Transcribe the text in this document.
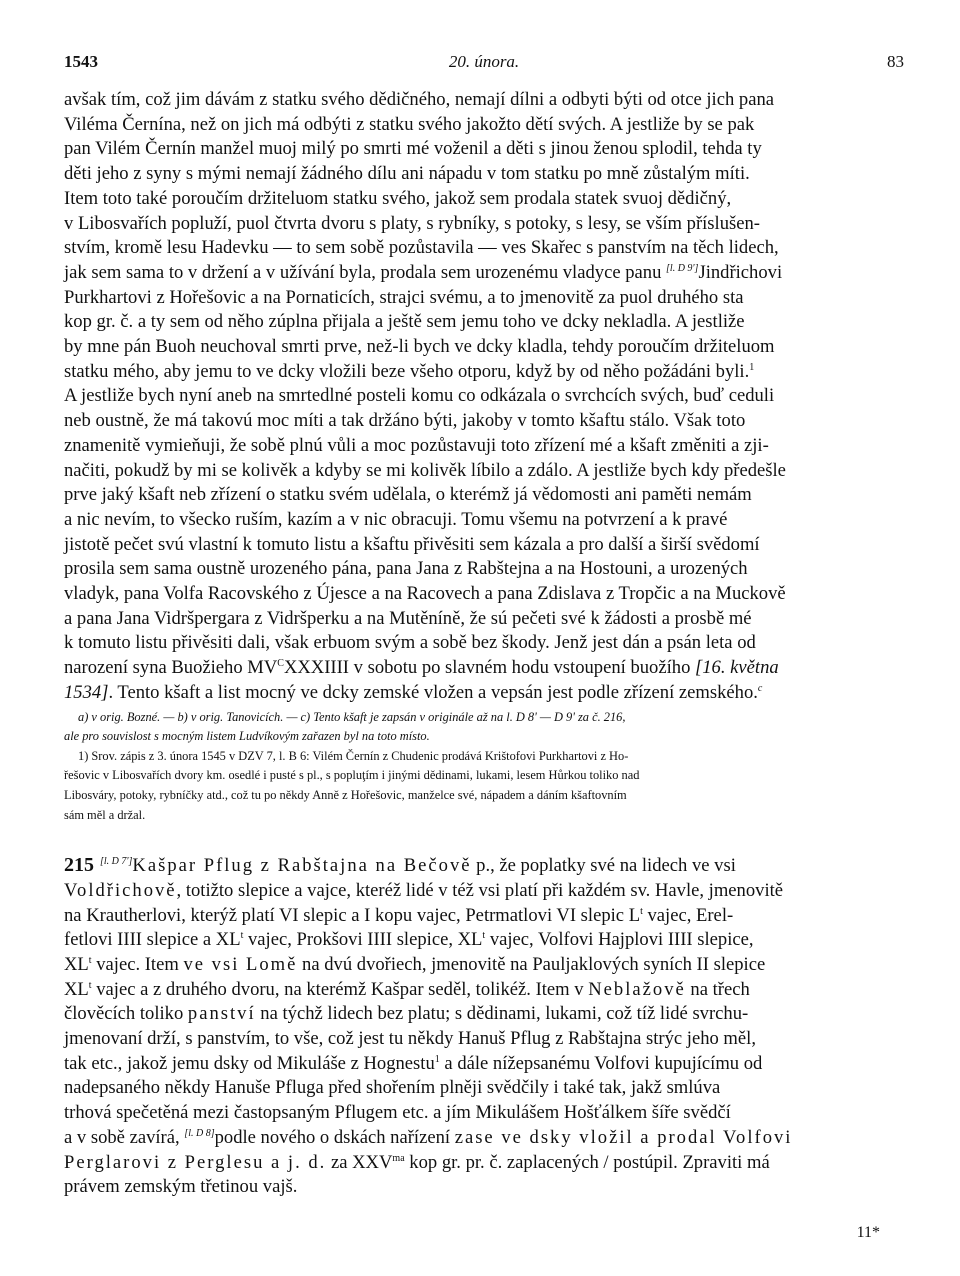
1543	20. února.	83
avšak tím, což jim dávám z statku svého dědičného, nemají dílni a odbyti býti od otce jich pana
Viléma Černína, než on jich má odbýti z statku svého jakožto dětí svých. A jestliže by se pak
pan Vilém Černín manžel muoj milý po smrti mé voženil a děti s jinou ženou splodil, tehda ty
děti jeho z syny s mými nemají žádného dílu ani nápadu v tom statku po mně zůstalým míti.
Item toto také poroučím držiteluom statku svého, jakož sem prodala statek svuoj dědičný,
v Libosvařích popluží, puol čtvrta dvoru s platy, s rybníky, s potoky, s lesy, se vším příslušen-
stvím, kromě lesu Hadevku — to sem sobě pozůstavila — ves Skařec s panstvím na těch lidech,
jak sem sama to v držení a v užívání byla, prodala sem urozenému vladyce panu [l. D 9']Jindřichovi
Purkhartovi z Hořešovic a na Pornaticích, strajci svému, a to jmenovitě za puol druhého sta
kop gr. č. a ty sem od něho zúplna přijala a ještě sem jemu toho ve dcky nekladla. A jestliže
by mne pán Buoh neuchoval smrti prve, než-li bych ve dcky kladla, tehdy poroučím držiteluom
statku mého, aby jemu to ve dcky vložili beze všeho otporu, když by od něho požádáni byli.$^1$
A jestliže bych nyní aneb na smrtedlné posteli komu co odkázala o svrchcích svých, buď ceduli
neb oustně, že má takovú moc míti a tak držáno býti, jakoby v tomto kšaftu stálo. Však toto
znamenitě vymieňuji, že sobě plnú vůli a moc pozůstavuji toto zřízení mé a kšaft změniti a zji-
načiti, pokudž by mi se kolivěk a kdyby se mi kolivěk líbilo a zdálo. A jestliže bych kdy předešle
prve jaký kšaft neb zřízení o statku svém udělala, o kterémž já vědomosti ani paměti nemám
a nic nevím, to všecko ruším, kazím a v nic obracuji. Tomu všemu na potvrzení a k pravé
jistotě pečet svú vlastní k tomuto listu a kšaftu přivěsiti sem kázala a pro další a širší svědomí
prosila sem sama oustně urozeného pána, pana Jana z Rabštejna a na Hostouni, a urozených
vladyk, pana Volfa Racovského z Újesce a na Racovech a pana Zdislava z Tropčic a na Muckově
a pana Jana Vidršpergara z Vidršperku a na Mutěníně, že sú pečeti své k žádosti a prosbě mé
k tomuto listu přivěsiti dali, však erbuom svým a sobě bez škody. Jenž jest dán a psán leta od
narození syna Buožieho $MV^CXXXIIII$ v sobotu po slavném hodu vstoupení buožího [16. května
1534]. Tento kšaft a list mocný ve dcky zemské vložen a vepsán jest podle zřízení zemského.$^c$

a) v orig. Bozné. — b) v orig. Tanovicích. — c) Tento kšaft je zapsán v originále až na l. D 8' — D 9' za č. 216,

ale pro souvislost s mocným listem Ludvíkovým zařazen byl na toto místo.

1) Srov. zápis z 3. února 1545 v DZV 7, l. B 6: Vilém Černín z Chudenic prodává Krištofovi Purkhartovi z Ho-

řešovic v Libosvařích dvory km. osedlé i pusté s pl., s popluţím i jinými dědinami, lukami, lesem Hůrkou toliko nad

Libosváry, potoky, rybníčky atd., což tu po někdy Anně z Hořešovic, manželce své, nápadem a dáním kšaftovním

sám měl a držal.

215 [l. D 7']Kašpar Pflug z Rabštajna na Bečově p., že poplatky své na lidech ve vsi
Voldřichově, totižto slepice a vajce, kteréž lidé v též vsi platí při každém sv. Havle, jmenovitě
na Krautherlovi, kterýž platí VI slepic a I kopu vajec, Petrmatlovi VI slepic $L^t$ vajec, Erel-
fetlovi IIII slepice a $XL^t$ vajec, Prokšovi IIII slepice, $XL^t$ vajec, Volfovi Hajplovi IIII slepice,
$XL^t$ vajec. Item ve vsi Lomě na dvú dvořiech, jmenovitě na Pauljaklových syních II slepice
$XL^t$ vajec a z druhého dvoru, na kterémž Kašpar seděl, tolikéž. Item v Neblažově na třech
člověcích toliko panství na týchž lidech bez platu; s dědinami, lukami, což tíž lidé svrchu-
jmenovaní drží, s panstvím, to vše, což jest tu někdy Hanuš Pflug z Rabštajna strýc jeho měl,
tak etc., jakož jemu dsky od Mikuláše z Hognestu$^1$ a dále nížepsanému Volfovi kupujícímu od
nadepsaného někdy Hanuše Pfluga před shořením plněji svědčily i také tak, jakž smlúva
trhová spečetěná mezi častopsaným Pflugem etc. a jím Mikulášem Hošťálkem šíře svědčí
a v sobě zavírá, [l. D 8]podle nového o dskách nařízení zase ve dsky vložil a prodal Volfovi
Perglarovi z Perglesu a j. d. za $XXV^{ma}$ kop gr. pr. č. zaplacených / postúpil. Zpraviti má
právem zemským třetinou vajš.
11*
